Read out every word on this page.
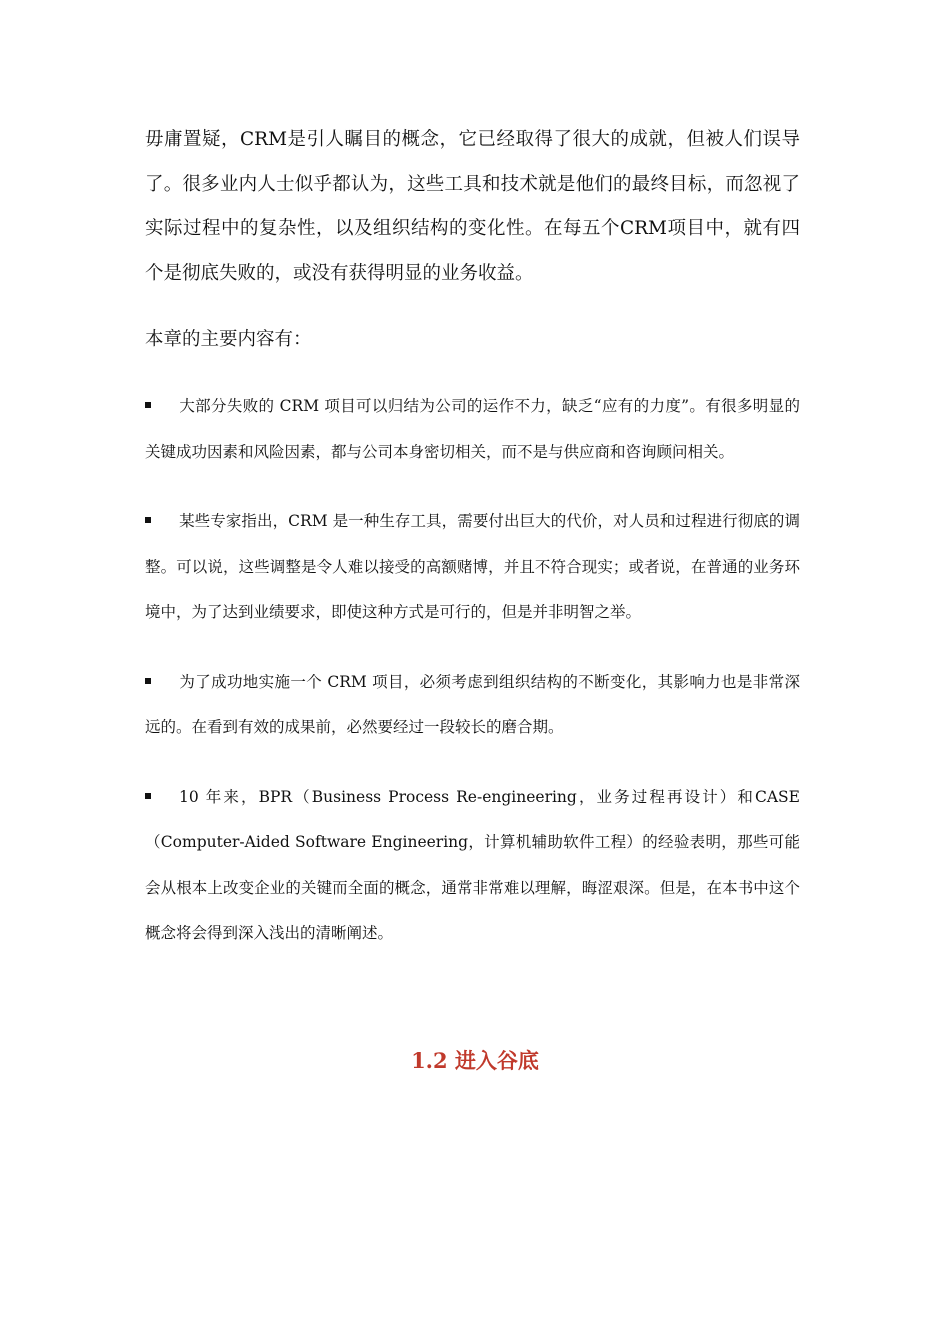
毋庸置疑，CRM是引人瞩目的概念，它已经取得了很大的成就，但被人们误导了。很多业内人士似乎都认为，这些工具和技术就是他们的最终目标，而忽视了实际过程中的复杂性，以及组织结构的变化性。在每五个CRM项目中，就有四个是彻底失败的，或没有获得明显的业务收益。

本章的主要内容有：

大部分失败的 CRM 项目可以归结为公司的运作不力，缺乏“应有的力度”。有很多明显的关键成功因素和风险因素，都与公司本身密切相关，而不是与供应商和咨询顾问相关。
某些专家指出，CRM 是一种生存工具，需要付出巨大的代价，对人员和过程进行彻底的调整。可以说，这些调整是令人难以接受的高额赌博，并且不符合现实；或者说，在普通的业务环境中，为了达到业绩要求，即使这种方式是可行的，但是并非明智之举。
为了成功地实施一个 CRM 项目，必须考虑到组织结构的不断变化，其影响力也是非常深远的。在看到有效的成果前，必然要经过一段较长的磨合期。
10 年来，BPR（Business Process Re-engineering，业务过程再设计）和CASE（Computer-Aided Software Engineering，计算机辅助软件工程）的经验表明，那些可能会从根本上改变企业的关键而全面的概念，通常非常难以理解，晦涩艰深。但是，在本书中这个概念将会得到深入浅出的清晰阐述。
1.2 进入谷底
